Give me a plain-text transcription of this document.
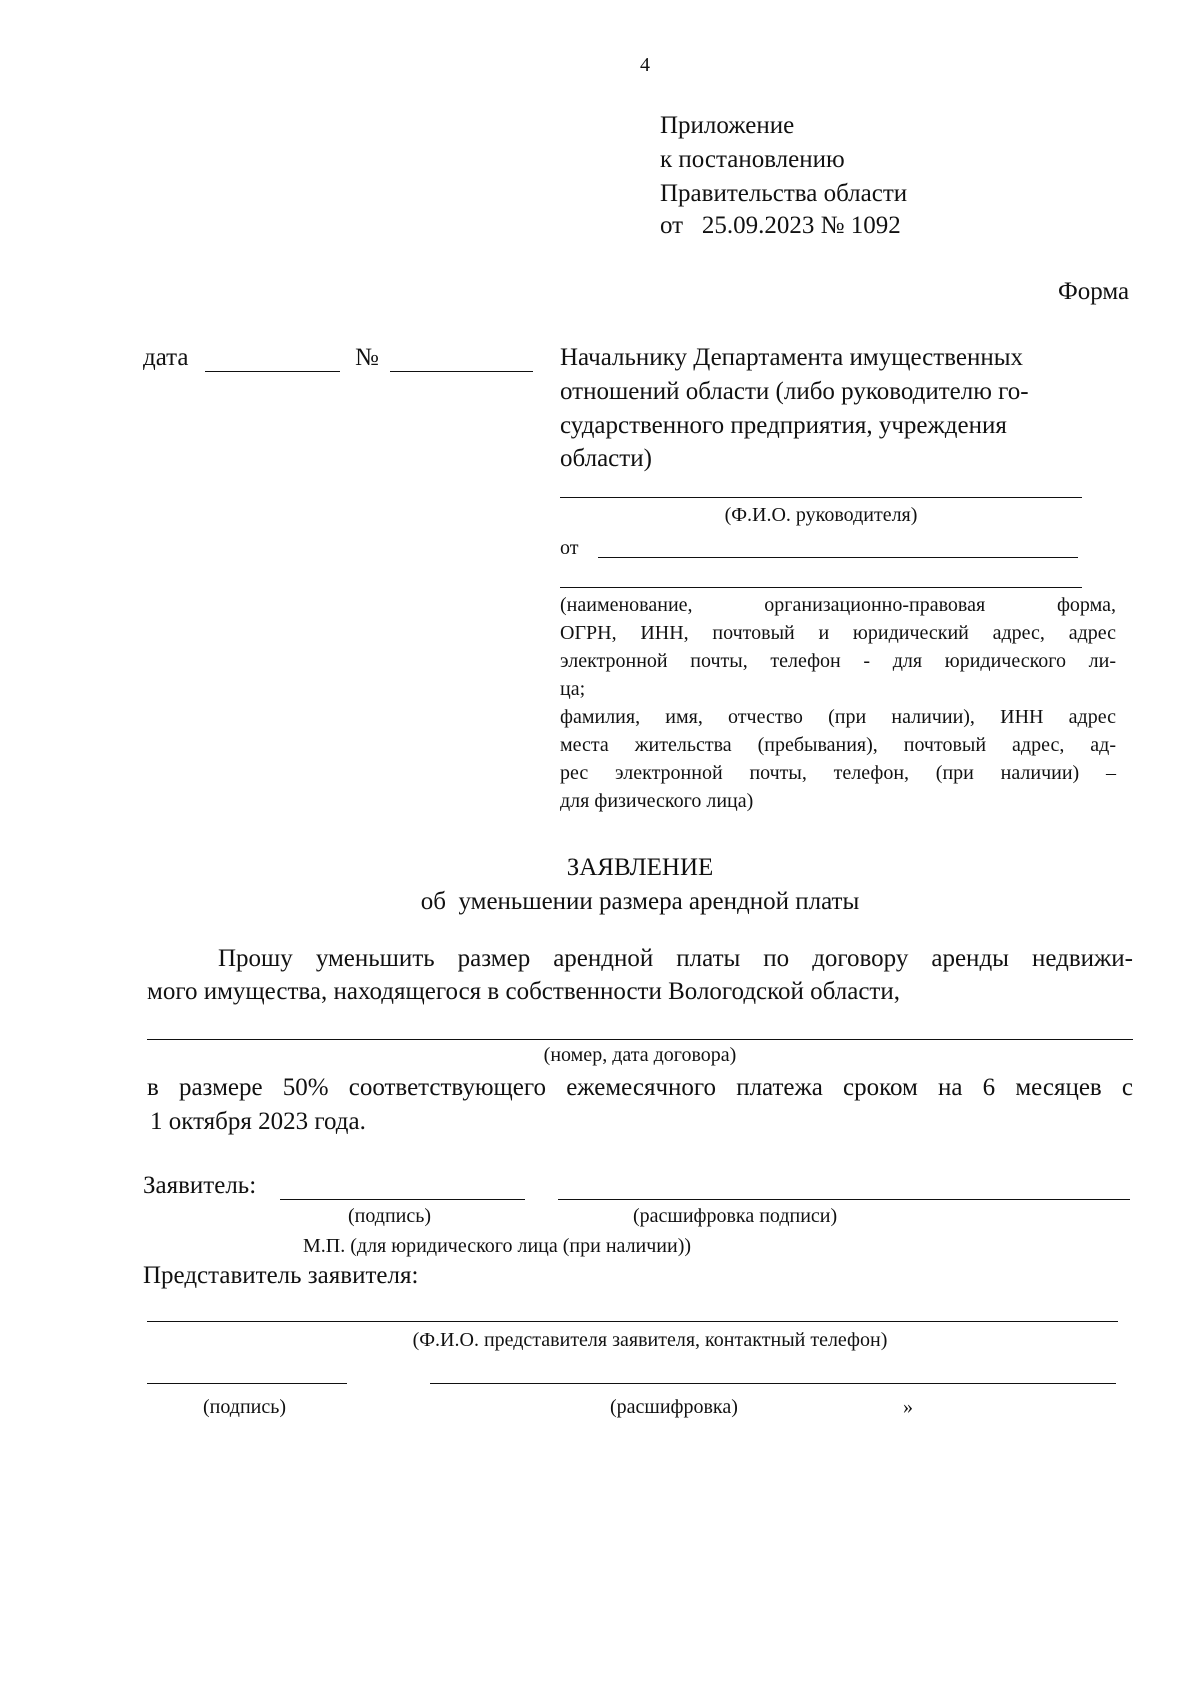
4
Приложение
к постановлению
Правительства области
от   25.09.2023 № 1092
Форма
дата	№	Начальнику Департамента имущественных
отношений области (либо руководителю го-
сударственного предприятия, учреждения
области)
(Ф.И.О. руководителя)
от
(наименование,   организационно-правовая   форма,
ОГРН, ИНН, почтовый и юридический адрес, адрес
электронной почты, телефон - для юридического ли-
ца;
фамилия, имя, отчество (при наличии), ИНН адрес
места жительства (пребывания), почтовый адрес, ад-
рес электронной почты, телефон, (при наличии) –
для физического лица)
ЗАЯВЛЕНИЕ
об  уменьшении размера арендной платы
Прошу уменьшить размер арендной платы по договору аренды недвижи-
мого имущества, находящегося в собственности Вологодской области,
(номер, дата договора)
в размере 50% соответствующего ежемесячного платежа сроком на 6 месяцев с
1 октября 2023 года.
Заявитель:
(подпись)	(расшифровка подписи)
М.П. (для юридического лица (при наличии))
Представитель заявителя:
(Ф.И.О. представителя заявителя, контактный телефон)
(подпись)	(расшифровка)	»
